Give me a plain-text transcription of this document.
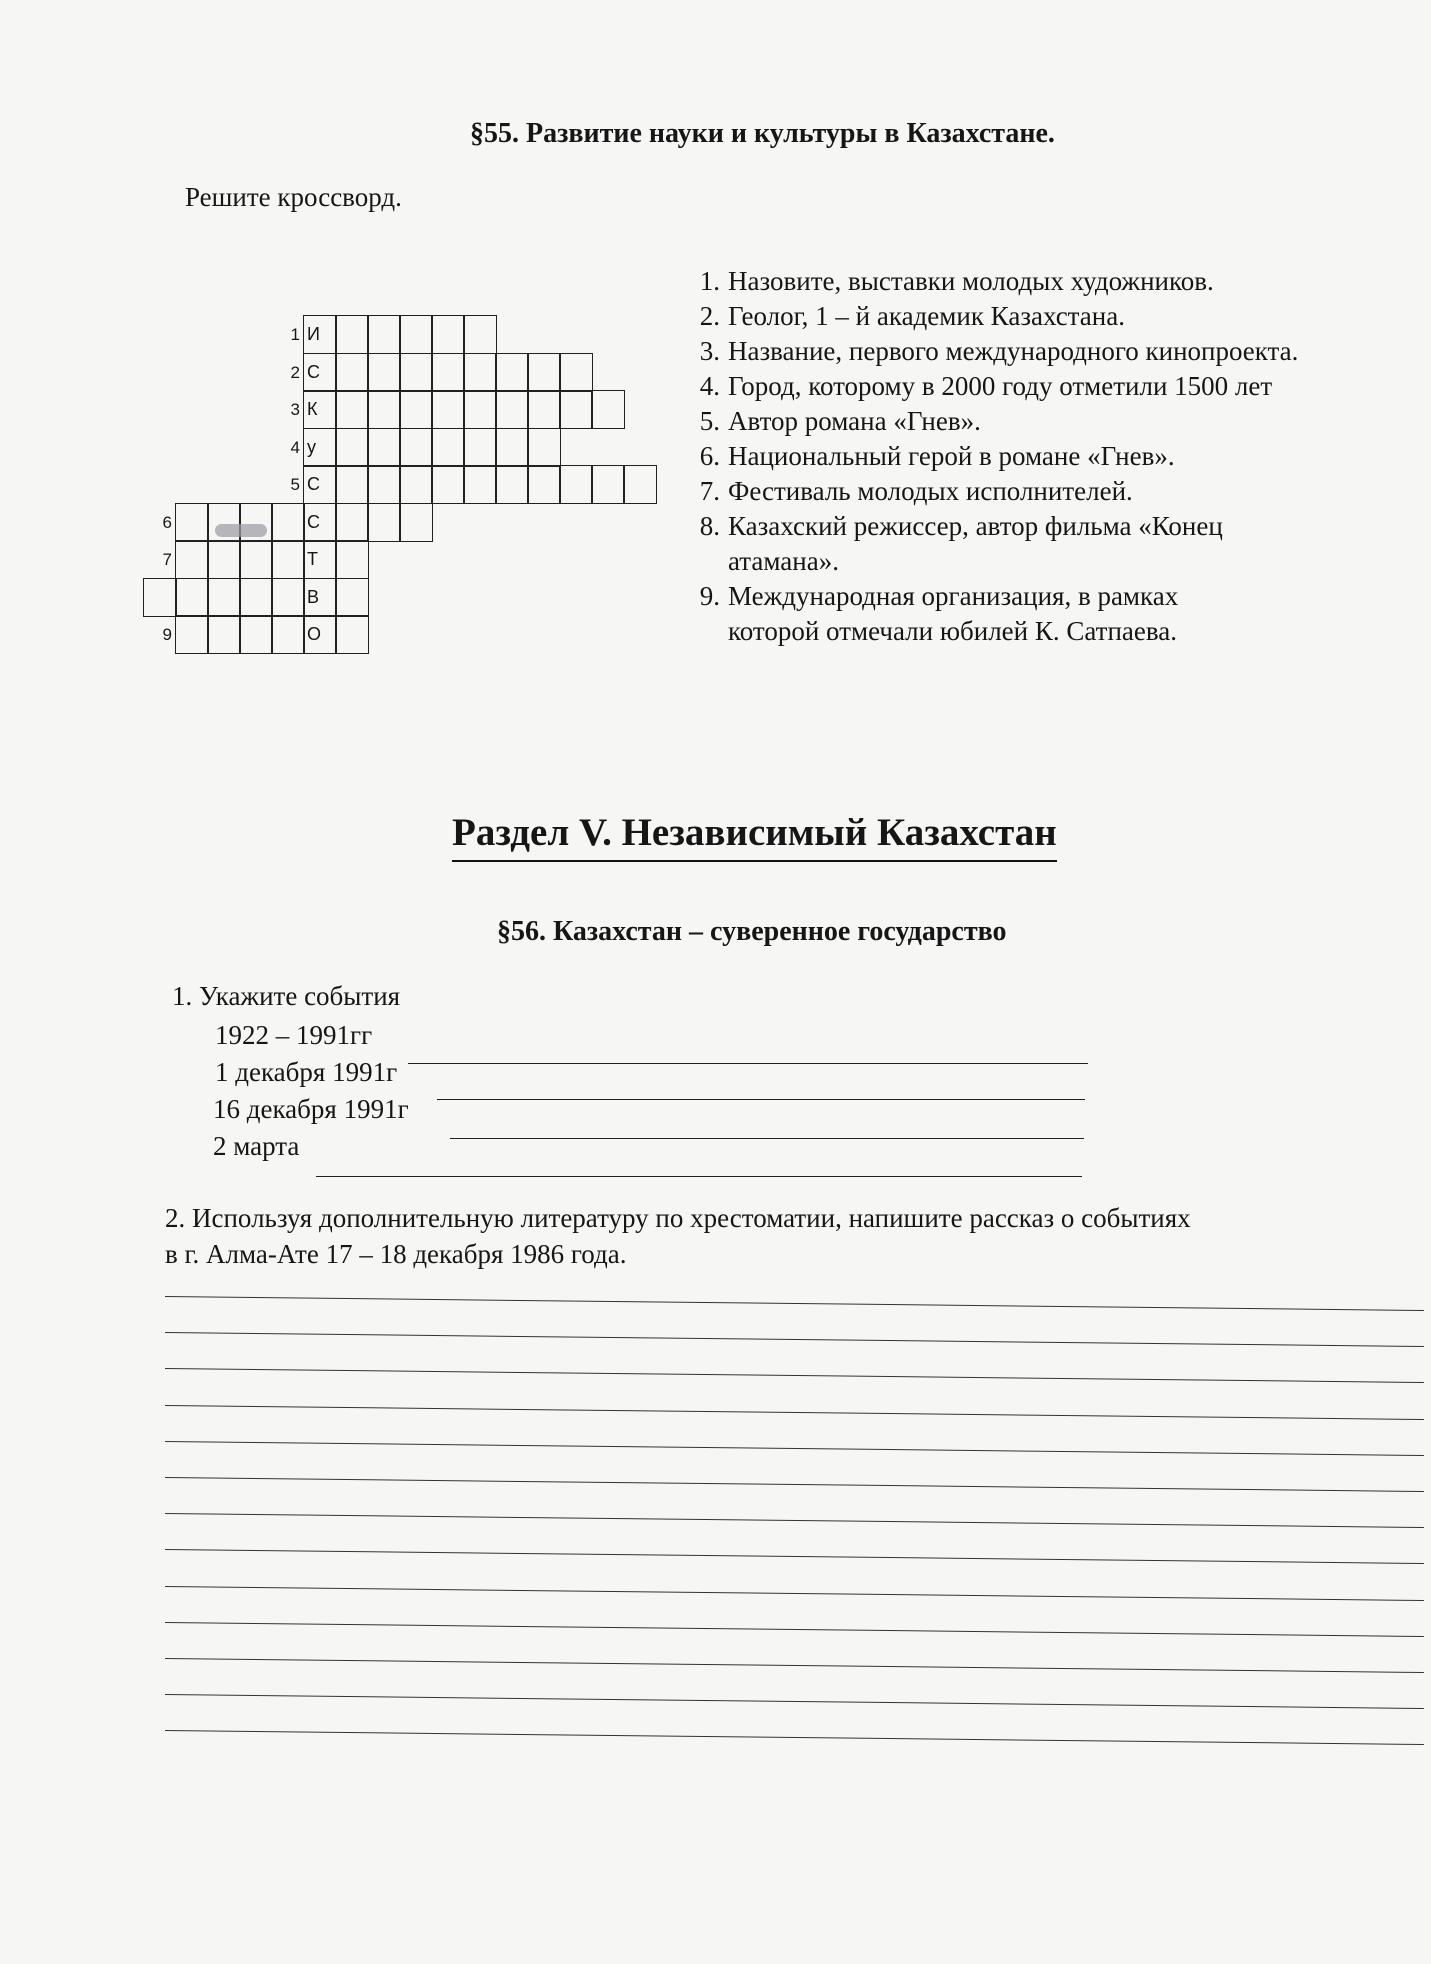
§55. Развитие науки и культуры в Казахстане.
Решите кроссворд.
И
1
С
2
К
3
у
4
С
5
С
6
Т
7
В
О
9
1. Назовите, выставки молодых художников.
2. Геолог, 1 – й академик Казахстана.
3. Название, первого международного кинопроекта.
4. Город, которому в 2000 году отметили 1500 лет
5. Автор романа «Гнев».
6. Национальный герой в романе «Гнев».
7. Фестиваль молодых исполнителей.
8. Казахский режиссер, автор фильма «Конец
атамана».
9. Международная организация, в рамках
которой отмечали юбилей К. Сатпаева.
Раздел V. Независимый Казахстан
§56. Казахстан – суверенное государство
1. Укажите события
1922 – 1991гг
1 декабря 1991г
16 декабря 1991г
2 марта
2. Используя дополнительную литературу по хрестоматии, напишите рассказ о событиях
в г. Алма-Ате 17 – 18 декабря 1986 года.
